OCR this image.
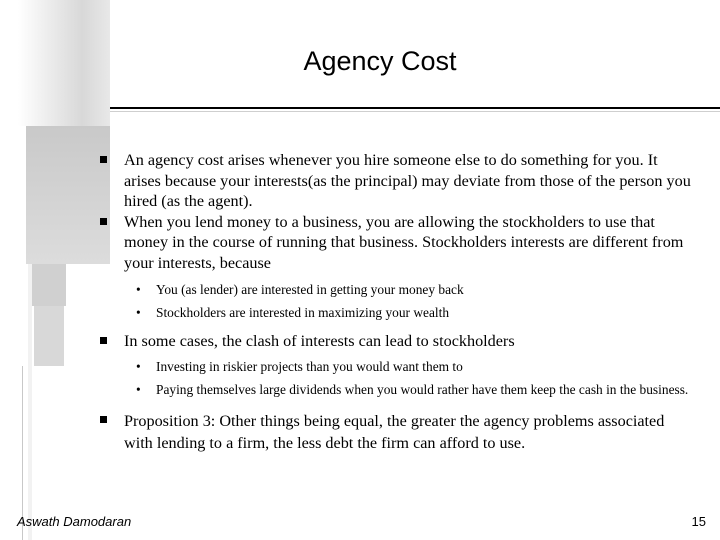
Agency Cost

An agency cost arises whenever you hire someone else to do something for you. It arises because your interests(as the principal) may deviate from those of the person you hired (as the agent).

When you lend money to a business, you are allowing the stockholders to use that money in the course of running that business. Stockholders interests are different from your interests, because

• You (as lender) are interested in getting your money back

• Stockholders are interested in maximizing your wealth

In some cases, the clash of interests can lead to stockholders

• Investing in riskier projects than you would want them to

• Paying themselves large dividends when you would rather have them keep the cash in the business.

Proposition 3: Other things being equal, the greater the agency problems associated with lending to a firm, the less debt the firm can afford to use.

Aswath Damodaran	15
